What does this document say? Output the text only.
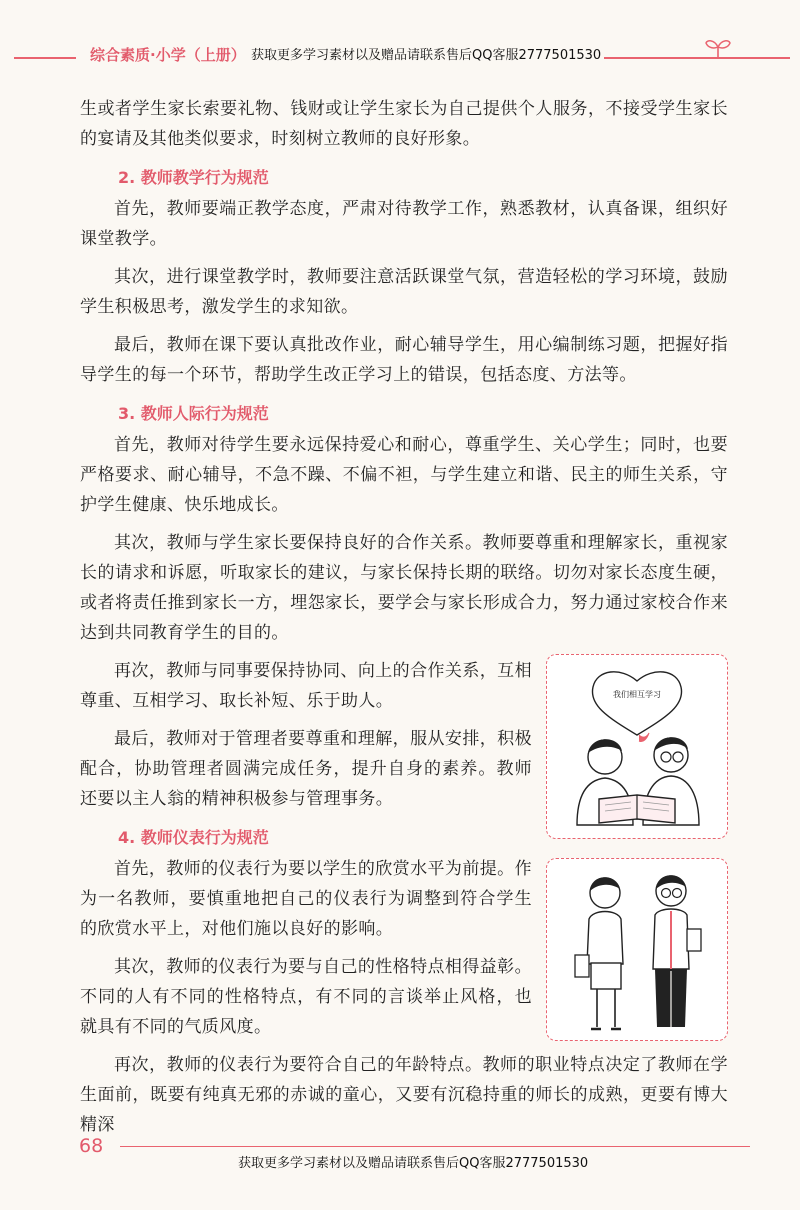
综合素质·小学（上册） 获取更多学习素材以及赠品请联系售后QQ客服2777501530

生或者学生家长索要礼物、钱财或让学生家长为自己提供个人服务，不接受学生家长的宴请及其他类似要求，时刻树立教师的良好形象。

2. 教师教学行为规范

首先，教师要端正教学态度，严肃对待教学工作，熟悉教材，认真备课，组织好课堂教学。

其次，进行课堂教学时，教师要注意活跃课堂气氛，营造轻松的学习环境，鼓励学生积极思考，激发学生的求知欲。

最后，教师在课下要认真批改作业，耐心辅导学生，用心编制练习题，把握好指导学生的每一个环节，帮助学生改正学习上的错误，包括态度、方法等。

3. 教师人际行为规范

首先，教师对待学生要永远保持爱心和耐心，尊重学生、关心学生；同时，也要严格要求、耐心辅导，不急不躁、不偏不袒，与学生建立和谐、民主的师生关系，守护学生健康、快乐地成长。

其次，教师与学生家长要保持良好的合作关系。教师要尊重和理解家长，重视家长的请求和诉愿，听取家长的建议，与家长保持长期的联络。切勿对家长态度生硬，或者将责任推到家长一方，埋怨家长，要学会与家长形成合力，努力通过家校合作来达到共同教育学生的目的。

我们相互学习

再次，教师与同事要保持协同、向上的合作关系，互相尊重、互相学习、取长补短、乐于助人。

最后，教师对于管理者要尊重和理解，服从安排，积极配合，协助管理者圆满完成任务，提升自身的素养。教师还要以主人翁的精神积极参与管理事务。

4. 教师仪表行为规范

首先，教师的仪表行为要以学生的欣赏水平为前提。作为一名教师，要慎重地把自己的仪表行为调整到符合学生的欣赏水平上，对他们施以良好的影响。

其次，教师的仪表行为要与自己的性格特点相得益彰。不同的人有不同的性格特点，有不同的言谈举止风格，也就具有不同的气质风度。

再次，教师的仪表行为要符合自己的年龄特点。教师的职业特点决定了教师在学生面前，既要有纯真无邪的赤诚的童心，又要有沉稳持重的师长的成熟，更要有博大精深

68
获取更多学习素材以及赠品请联系售后QQ客服2777501530
